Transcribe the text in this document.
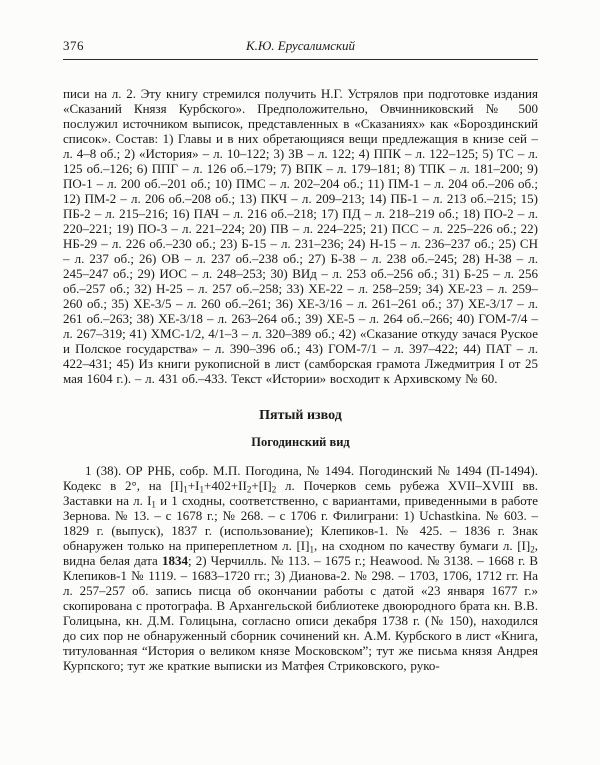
376	К.Ю. Ерусалимский

писи на л. 2. Эту книгу стремился получить Н.Г. Устрялов при подготовке издания «Сказаний Князя Курбского». Предположительно, Овчинниковский № 500 послужил источником выписок, представленных в «Сказаниях» как «Бороздинский список». Состав: 1) Главы и в них обретающияся вещи предлежащия в книзе сей – л. 4–8 об.; 2) «История» – л. 10–122; 3) ЗВ – л. 122; 4) ППК – л. 122–125; 5) ТС – л. 125 об.–126; 6) ППГ – л. 126 об.–179; 7) ВПК – л. 179–181; 8) ТПК – л. 181–200; 9) ПО-1 – л. 200 об.–201 об.; 10) ПМС – л. 202–204 об.; 11) ПМ-1 – л. 204 об.–206 об.; 12) ПМ-2 – л. 206 об.–208 об.; 13) ПКЧ – л. 209–213; 14) ПБ-1 – л. 213 об.–215; 15) ПБ-2 – л. 215–216; 16) ПАЧ – л. 216 об.–218; 17) ПД – л. 218–219 об.; 18) ПО-2 – л. 220–221; 19) ПО-3 – л. 221–224; 20) ПВ – л. 224–225; 21) ПСС – л. 225–226 об.; 22) НБ-29 – л. 226 об.–230 об.; 23) Б-15 – л. 231–236; 24) Н-15 – л. 236–237 об.; 25) СН – л. 237 об.; 26) ОВ – л. 237 об.–238 об.; 27) Б-38 – л. 238 об.–245; 28) Н-38 – л. 245–247 об.; 29) ИОС – л. 248–253; 30) ВИд – л. 253 об.–256 об.; 31) Б-25 – л. 256 об.–257 об.; 32) Н-25 – л. 257 об.–258; 33) ХЕ-22 – л. 258–259; 34) ХЕ-23 – л. 259–260 об.; 35) ХЕ-3/5 – л. 260 об.–261; 36) ХЕ-3/16 – л. 261–261 об.; 37) ХЕ-3/17 – л. 261 об.–263; 38) ХЕ-3/18 – л. 263–264 об.; 39) ХЕ-5 – л. 264 об.–266; 40) ГОМ-7/4 – л. 267–319; 41) ХМС-1/2, 4/1–3 – л. 320–389 об.; 42) «Сказание откуду зачася Руское и Полское государства» – л. 390–396 об.; 43) ГОМ-7/1 – л. 397–422; 44) ПАТ – л. 422–431; 45) Из книги рукописной в лист (самборская грамота Лжедмитрия I от 25 мая 1604 г.). – л. 431 об.–433. Текст «Истории» восходит к Архивскому № 60.

Пятый извод
Погодинский вид

1 (38). ОР РНБ, собр. М.П. Погодина, № 1494. Погодинский № 1494 (П-1494). Кодекс в 2°, на $[I]_1+I_1+402+II_2+[I]_2$ л. Почерков семь рубежа XVII–XVIII вв. Заставки на л. $I_1$ и 1 сходны, соответственно, с вариантами, приведенными в работе Зернова. № 13. – с 1678 г.; № 268. – с 1706 г. Филиграни: 1) Uchastkina. № 603. – 1829 г. (выпуск), 1837 г. (использование); Клепиков-1. № 425. – 1836 г. Знак обнаружен только на припереплетном л. $[I]_1$, на сходном по качеству бумаги л. $[I]_2$, видна белая дата 1834; 2) Черчилль. № 113. – 1675 г.; Heawood. № 3138. – 1668 г. В Клепиков-1 № 1119. – 1683–1720 гг.; 3) Дианова-2. № 298. – 1703, 1706, 1712 гг. На л. 257–257 об. запись писца об окончании работы с датой «23 января 1677 г.» скопирована с протографа. В Архангельской библиотеке двоюродного брата кн. В.В. Голицына, кн. Д.М. Голицына, согласно описи декабря 1738 г. (№ 150), находился до сих пор не обнаруженный сборник сочинений кн. А.М. Курбского в лист «Книга, титулованная “История о великом князе Московском”; тут же письма князя Андрея Курпского; тут же краткие выписки из Матфея Стриковского, руко-
